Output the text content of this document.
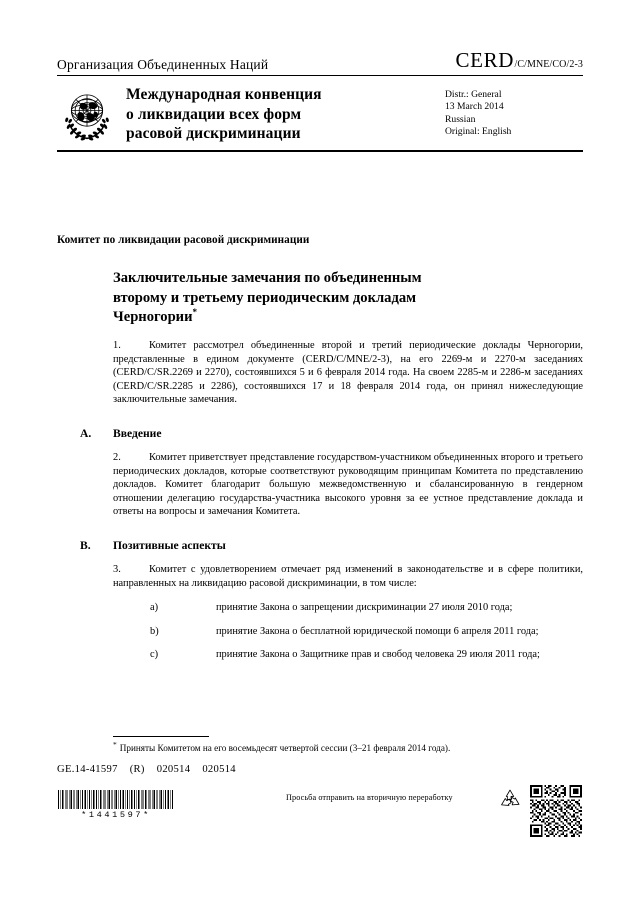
Организация Объединенных Наций	CERD /C/MNE/CO/2-3
Международная конвенция
о ликвидации всех форм
расовой дискриминации
Distr.: General
13 March 2014
Russian
Original: English
Комитет по ликвидации расовой дискриминации
Заключительные замечания по объединенным
второму и третьему периодическим докладам
Черногории*

1.	Комитет рассмотрел объединенные второй и третий периодические доклады Черногории, представленные в едином документе (CERD/C/MNE/2-3), на его 2269-м и 2270-м заседаниях (CERD/C/SR.2269 и 2270), состоявшихся 5 и 6 февраля 2014 года. На своем 2285-м и 2286-м заседаниях (CERD/C/SR.2285 и 2286), состоявшихся 17 и 18 февраля 2014 года, он принял нижеследующие заключительные замечания.

A.	Введение

2.	Комитет приветствует представление государством-участником объединенных второго и третьего периодических докладов, которые соответствуют руководящим принципам Комитета по представлению докладов. Комитет благодарит большую межведомственную и сбалансированную в гендерном отношении делегацию государства-участника высокого уровня за ее устное представление доклада и ответы на вопросы и замечания Комитета.

B.	Позитивные аспекты

3.	Комитет с удовлетворением отмечает ряд изменений в законодательстве и в сфере политики, направленных на ликвидацию расовой дискриминации, в том числе:

a)	принятие Закона о запрещении дискриминации 27 июля 2010 года;

b)	принятие Закона о бесплатной юридической помощи 6 апреля 2011 года;

c)	принятие Закона о Защитнике прав и свобод человека 29 июля 2011 года;

* Приняты Комитетом на его восемьдесят четвертой сессии (3–21 февраля 2014 года).
GE.14-41597 (R) 020514 020514
*1441597*
Просьба отправить на вторичную переработку
